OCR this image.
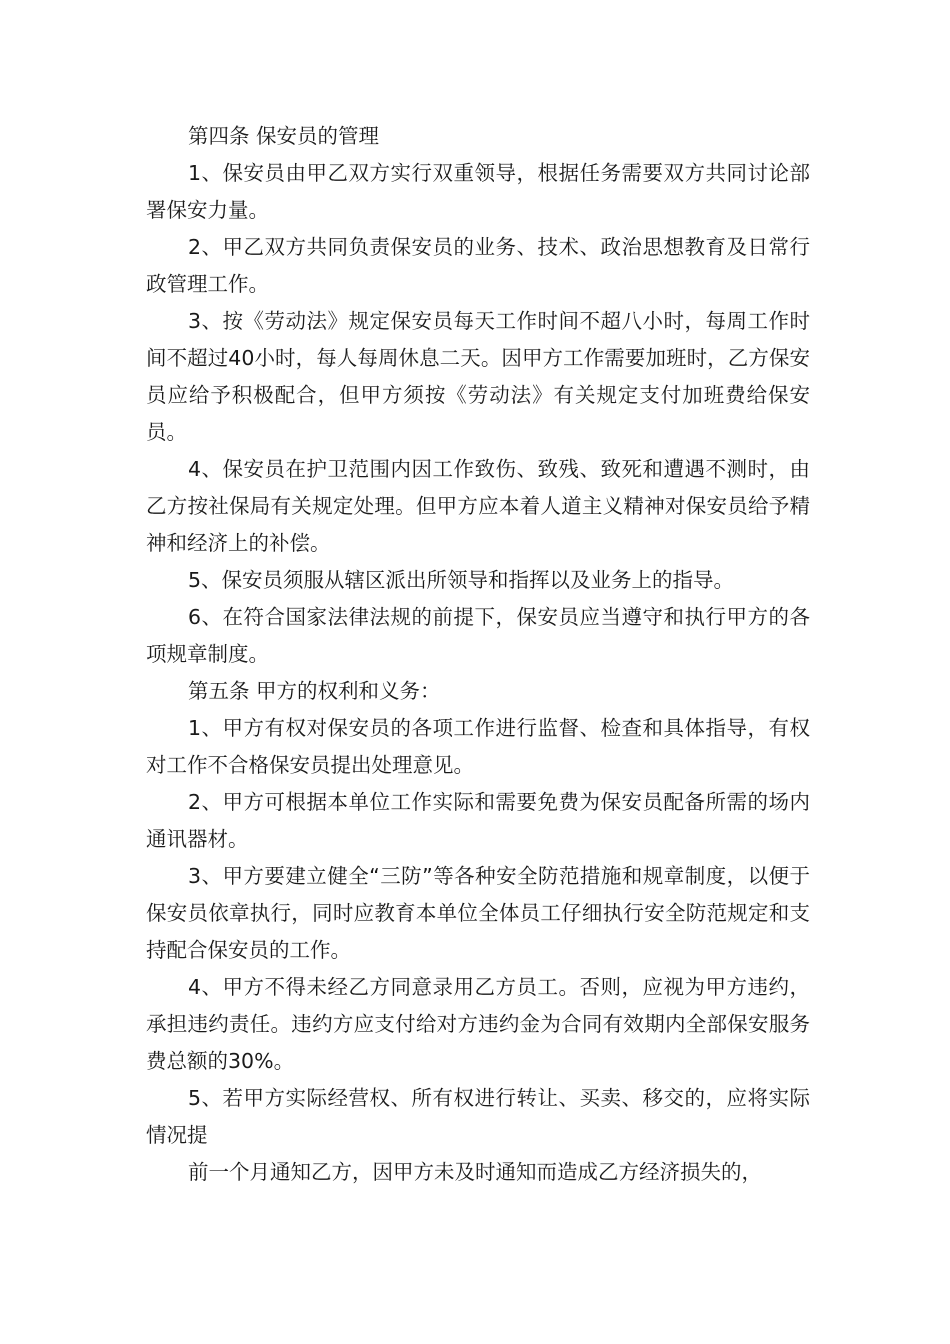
第四条 保安员的管理

1、保安员由甲乙双方实行双重领导，根据任务需要双方共同讨论部署保安力量。

2、甲乙双方共同负责保安员的业务、技术、政治思想教育及日常行政管理工作。

3、按《劳动法》规定保安员每天工作时间不超八小时，每周工作时间不超过40小时，每人每周休息二天。因甲方工作需要加班时，乙方保安员应给予积极配合，但甲方须按《劳动法》有关规定支付加班费给保安员。

4、保安员在护卫范围内因工作致伤、致残、致死和遭遇不测时，由乙方按社保局有关规定处理。但甲方应本着人道主义精神对保安员给予精神和经济上的补偿。

5、保安员须服从辖区派出所领导和指挥以及业务上的指导。

6、在符合国家法律法规的前提下，保安员应当遵守和执行甲方的各项规章制度。

第五条 甲方的权利和义务：

1、甲方有权对保安员的各项工作进行监督、检查和具体指导，有权对工作不合格保安员提出处理意见。

2、甲方可根据本单位工作实际和需要免费为保安员配备所需的场内通讯器材。

3、甲方要建立健全“三防”等各种安全防范措施和规章制度，以便于保安员依章执行，同时应教育本单位全体员工仔细执行安全防范规定和支持配合保安员的工作。

4、甲方不得未经乙方同意录用乙方员工。否则，应视为甲方违约，承担违约责任。违约方应支付给对方违约金为合同有效期内全部保安服务费总额的30%。

5、若甲方实际经营权、所有权进行转让、买卖、移交的，应将实际情况提

前一个月通知乙方，因甲方未及时通知而造成乙方经济损失的，
